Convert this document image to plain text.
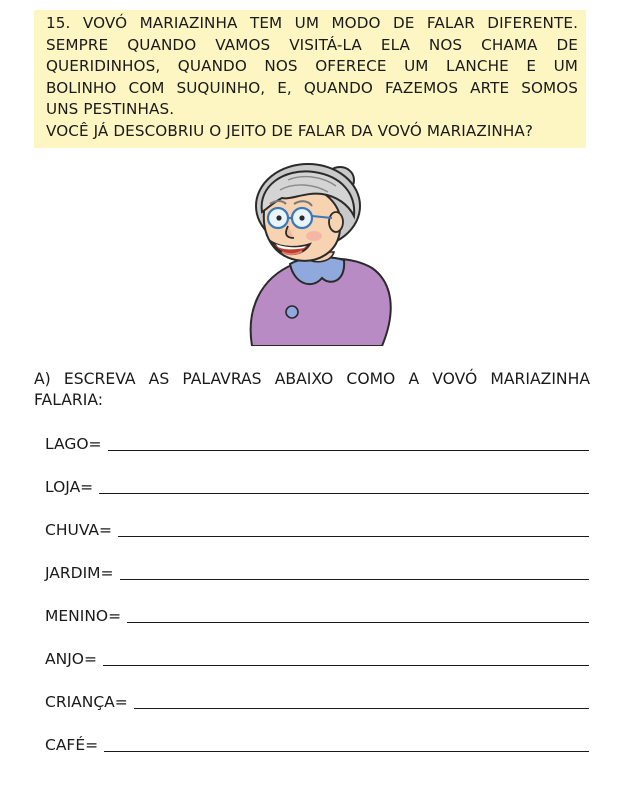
15. VOVÓ MARIAZINHA TEM UM MODO DE FALAR DIFERENTE.
SEMPRE QUANDO VAMOS VISITÁ-LA ELA NOS CHAMA DE
QUERIDINHOS, QUANDO NOS OFERECE UM LANCHE E UM
BOLINHO COM SUQUINHO, E, QUANDO FAZEMOS ARTE SOMOS
UNS PESTINHAS.
VOCÊ JÁ DESCOBRIU O JEITO DE FALAR DA VOVÓ MARIAZINHA?
A) ESCREVA AS PALAVRAS ABAIXO COMO A VOVÓ MARIAZINHA
FALARIA:
LAGO=
LOJA=
CHUVA=
JARDIM=
MENINO=
ANJO=
CRIANÇA=
CAFÉ=
